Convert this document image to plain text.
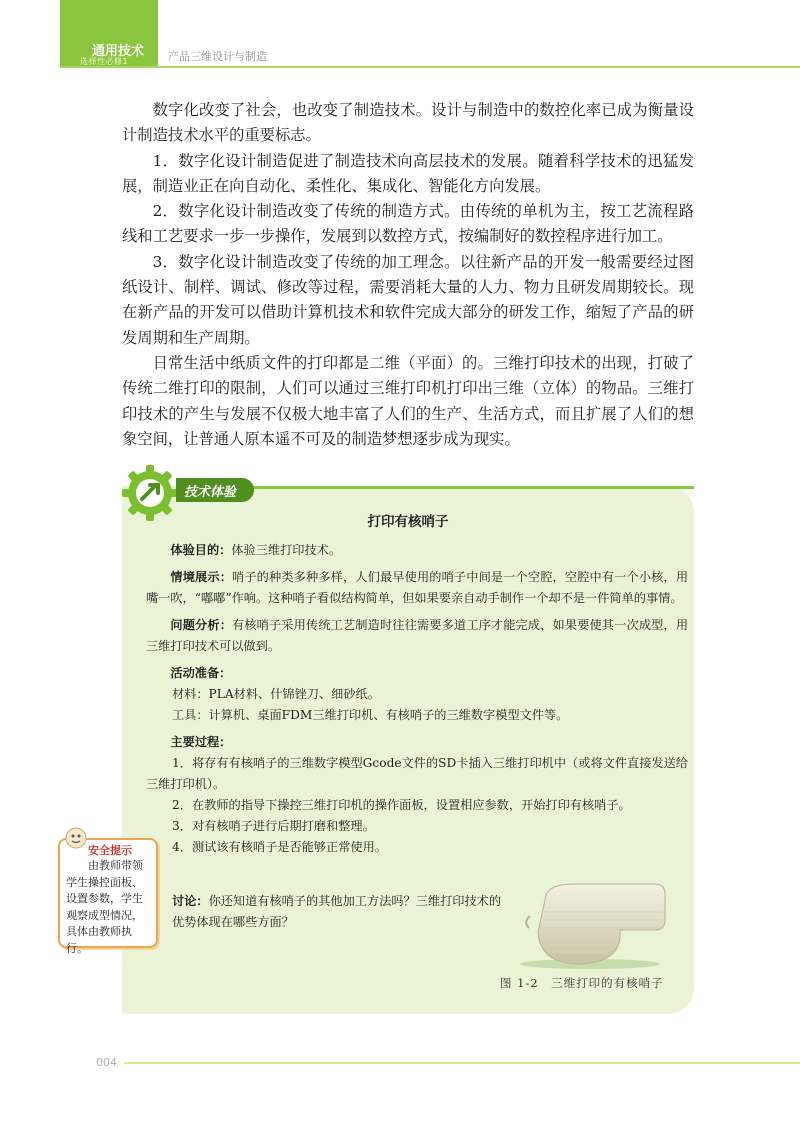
通用技术
选择性必修1	产品三维设计与制造

数字化改变了社会，也改变了制造技术。设计与制造中的数控化率已成为衡量设计制造技术水平的重要标志。

1．数字化设计制造促进了制造技术向高层技术的发展。随着科学技术的迅猛发展，制造业正在向自动化、柔性化、集成化、智能化方向发展。

2．数字化设计制造改变了传统的制造方式。由传统的单机为主，按工艺流程路线和工艺要求一步一步操作，发展到以数控方式，按编制好的数控程序进行加工。

3．数字化设计制造改变了传统的加工理念。以往新产品的开发一般需要经过图纸设计、制样、调试、修改等过程，需要消耗大量的人力、物力且研发周期较长。现在新产品的开发可以借助计算机技术和软件完成大部分的研发工作，缩短了产品的研发周期和生产周期。

日常生活中纸质文件的打印都是二维（平面）的。三维打印技术的出现，打破了传统二维打印的限制，人们可以通过三维打印机打印出三维（立体）的物品。三维打印技术的产生与发展不仅极大地丰富了人们的生产、生活方式，而且扩展了人们的想象空间，让普通人原本遥不可及的制造梦想逐步成为现实。

技术体验
打印有核哨子

体验目的：体验三维打印技术。

情境展示：哨子的种类多种多样，人们最早使用的哨子中间是一个空腔，空腔中有一个小核，用嘴一吹，“嘟嘟”作响。这种哨子看似结构简单，但如果要亲自动手制作一个却不是一件简单的事情。

问题分析：有核哨子采用传统工艺制造时往往需要多道工序才能完成，如果要使其一次成型，用三维打印技术可以做到。

活动准备：

材料：PLA材料、什锦锉刀、细砂纸。

工具：计算机、桌面FDM三维打印机、有核哨子的三维数字模型文件等。

主要过程：

1．将存有有核哨子的三维数字模型Gcode文件的SD卡插入三维打印机中（或将文件直接发送给三维打印机）。

2．在教师的指导下操控三维打印机的操作面板，设置相应参数，开始打印有核哨子。

3．对有核哨子进行后期打磨和整理。

4．测试该有核哨子是否能够正常使用。

讨论：你还知道有核哨子的其他加工方法吗？三维打印技术的优势体现在哪些方面？
图 1-2　三维打印的有核哨子
安全提示
由教师带领学生操控面板、设置参数，学生观察成型情况，具体由教师执行。
004
